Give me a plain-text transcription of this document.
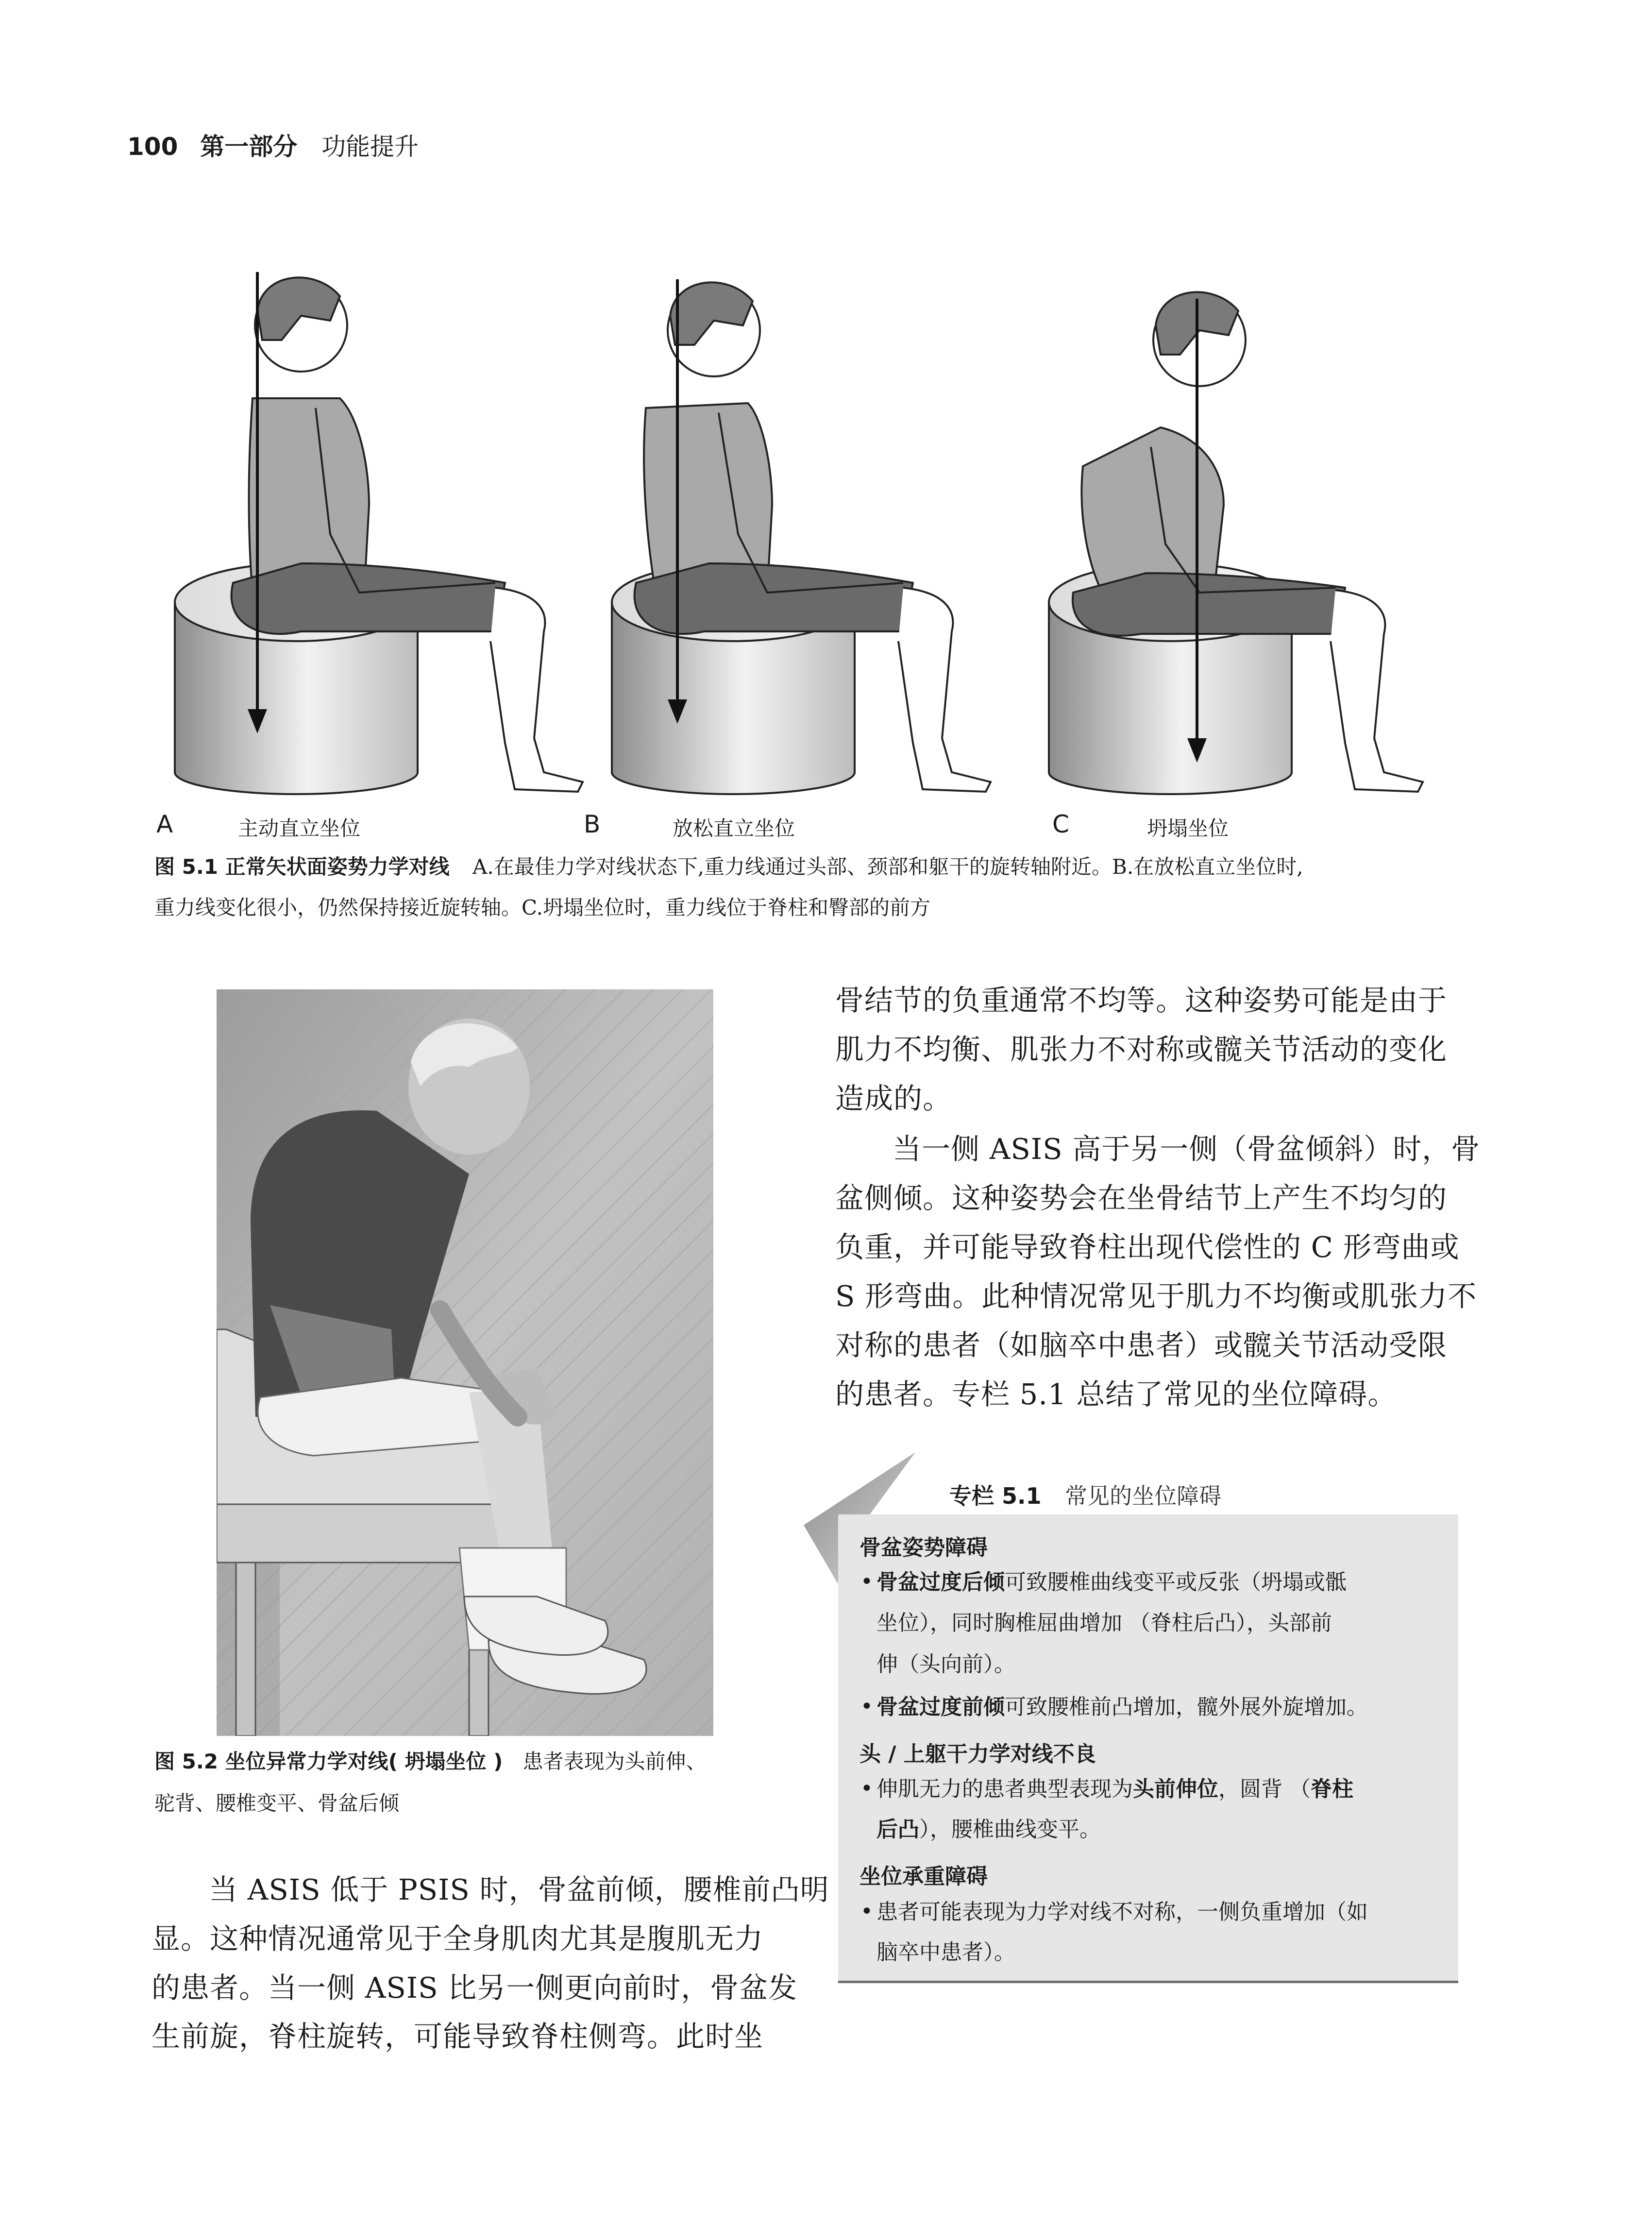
100 第一部分 功能提升
A	主动直立坐位	B	放松直立坐位	C	坍塌坐位
图 5.1 正常矢状面姿势力学对线 A.在最佳力学对线状态下,重力线通过头部、颈部和躯干的旋转轴附近。B.在放松直立坐位时,
重力线变化很小，仍然保持接近旋转轴。C.坍塌坐位时，重力线位于脊柱和臀部的前方
图 5.2 坐位异常力学对线( 坍塌坐位 ) 患者表现为头前伸、
驼背、腰椎变平、骨盆后倾
当 ASIS 低于 PSIS 时，骨盆前倾，腰椎前凸明
显。这种情况通常见于全身肌肉尤其是腹肌无力
的患者。当一侧 ASIS 比另一侧更向前时，骨盆发
生前旋，脊柱旋转，可能导致脊柱侧弯。此时坐
骨结节的负重通常不均等。这种姿势可能是由于
肌力不均衡、肌张力不对称或髋关节活动的变化
造成的。
当一侧 ASIS 高于另一侧（骨盆倾斜）时，骨
盆侧倾。这种姿势会在坐骨结节上产生不均匀的
负重，并可能导致脊柱出现代偿性的 C 形弯曲或
S 形弯曲。此种情况常见于肌力不均衡或肌张力不
对称的患者（如脑卒中患者）或髋关节活动受限
的患者。专栏 5.1 总结了常见的坐位障碍。
专栏 5.1 常见的坐位障碍
骨盆姿势障碍
• 骨盆过度后倾可致腰椎曲线变平或反张（坍塌或骶
坐位），同时胸椎屈曲增加 （脊柱后凸），头部前
伸（头向前）。
• 骨盆过度前倾可致腰椎前凸增加，髋外展外旋增加。
头 / 上躯干力学对线不良
• 伸肌无力的患者典型表现为头前伸位，圆背 （脊柱
后凸），腰椎曲线变平。
坐位承重障碍
• 患者可能表现为力学对线不对称，一侧负重增加（如
脑卒中患者）。
